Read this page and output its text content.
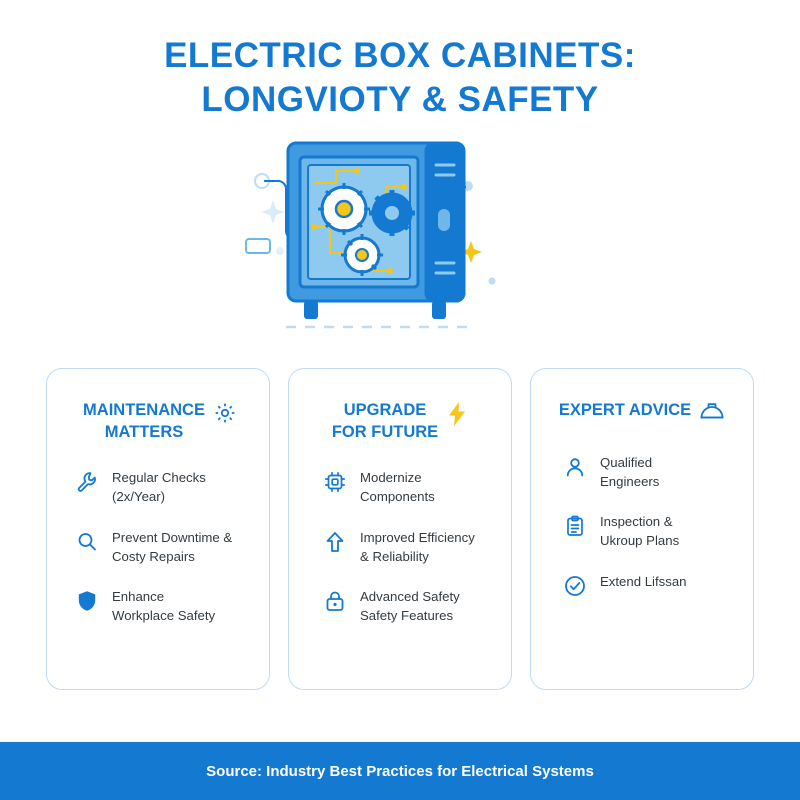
ELECTRIC BOX CABINETS:
LONGVIOTY & SAFETY
MAINTENANCE
MATTERS
Regular Checks
(2x/Year)
Prevent Downtime &
Costy Repairs
Enhance
Workplace Safety
UPGRADE
FOR FUTURE
Modernize
Components
Improved Efficiency
& Reliability
Advanced Safety
Safety Features
EXPERT ADVICE
Qualified
Engineers
Inspection &
Ukroup Plans
Extend Lifssan
Source: Industry Best Practices for Electrical Systems
